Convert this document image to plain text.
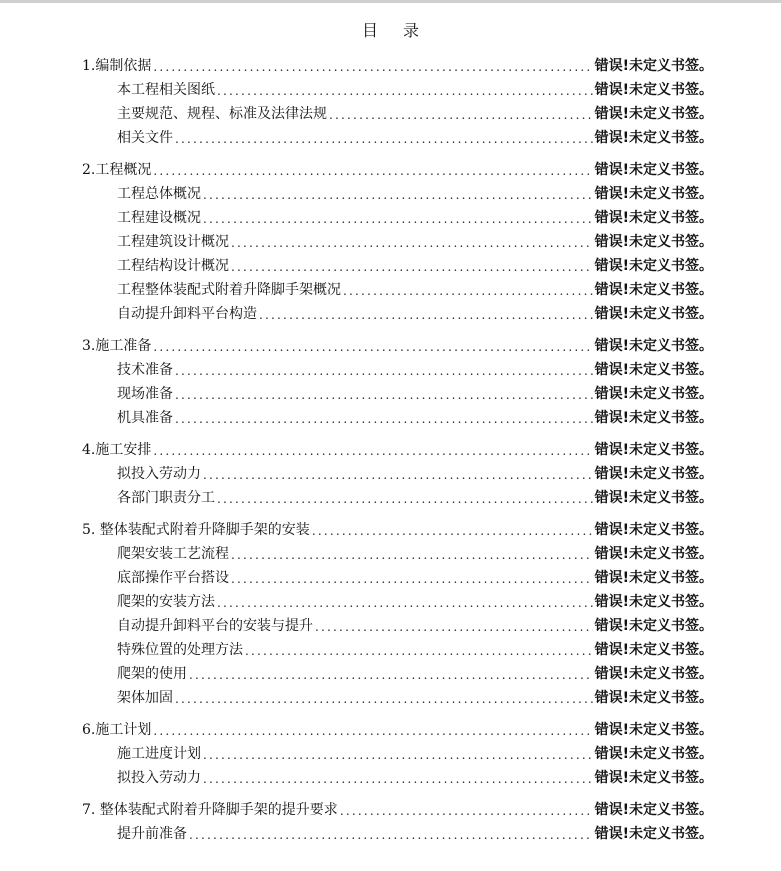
目 录
1.编制依据 .....	错误!未定义书签。
本工程相关图纸 .....	错误!未定义书签。
主要规范、规程、标准及法律法规 .....	错误!未定义书签。
相关文件 .....	错误!未定义书签。
2.工程概况 .....	错误!未定义书签。
工程总体概况 .....	错误!未定义书签。
工程建设概况 .....	错误!未定义书签。
工程建筑设计概况 .....	错误!未定义书签。
工程结构设计概况 .....	错误!未定义书签。
工程整体装配式附着升降脚手架概况 .....	错误!未定义书签。
自动提升卸料平台构造 .....	错误!未定义书签。
3.施工准备 .....	错误!未定义书签。
技术准备 .....	错误!未定义书签。
现场准备 .....	错误!未定义书签。
机具准备 .....	错误!未定义书签。
4.施工安排 .....	错误!未定义书签。
拟投入劳动力 .....	错误!未定义书签。
各部门职责分工 .....	错误!未定义书签。
5. 整体装配式附着升降脚手架的安装 .....	错误!未定义书签。
爬架安装工艺流程 .....	错误!未定义书签。
底部操作平台搭设 .....	错误!未定义书签。
爬架的安装方法 .....	错误!未定义书签。
自动提升卸料平台的安装与提升 .....	错误!未定义书签。
特殊位置的处理方法 .....	错误!未定义书签。
爬架的使用 .....	错误!未定义书签。
架体加固 .....	错误!未定义书签。
6.施工计划 .....	错误!未定义书签。
施工进度计划 .....	错误!未定义书签。
拟投入劳动力 .....	错误!未定义书签。
7. 整体装配式附着升降脚手架的提升要求 .....	错误!未定义书签。
提升前准备 .....	错误!未定义书签。
